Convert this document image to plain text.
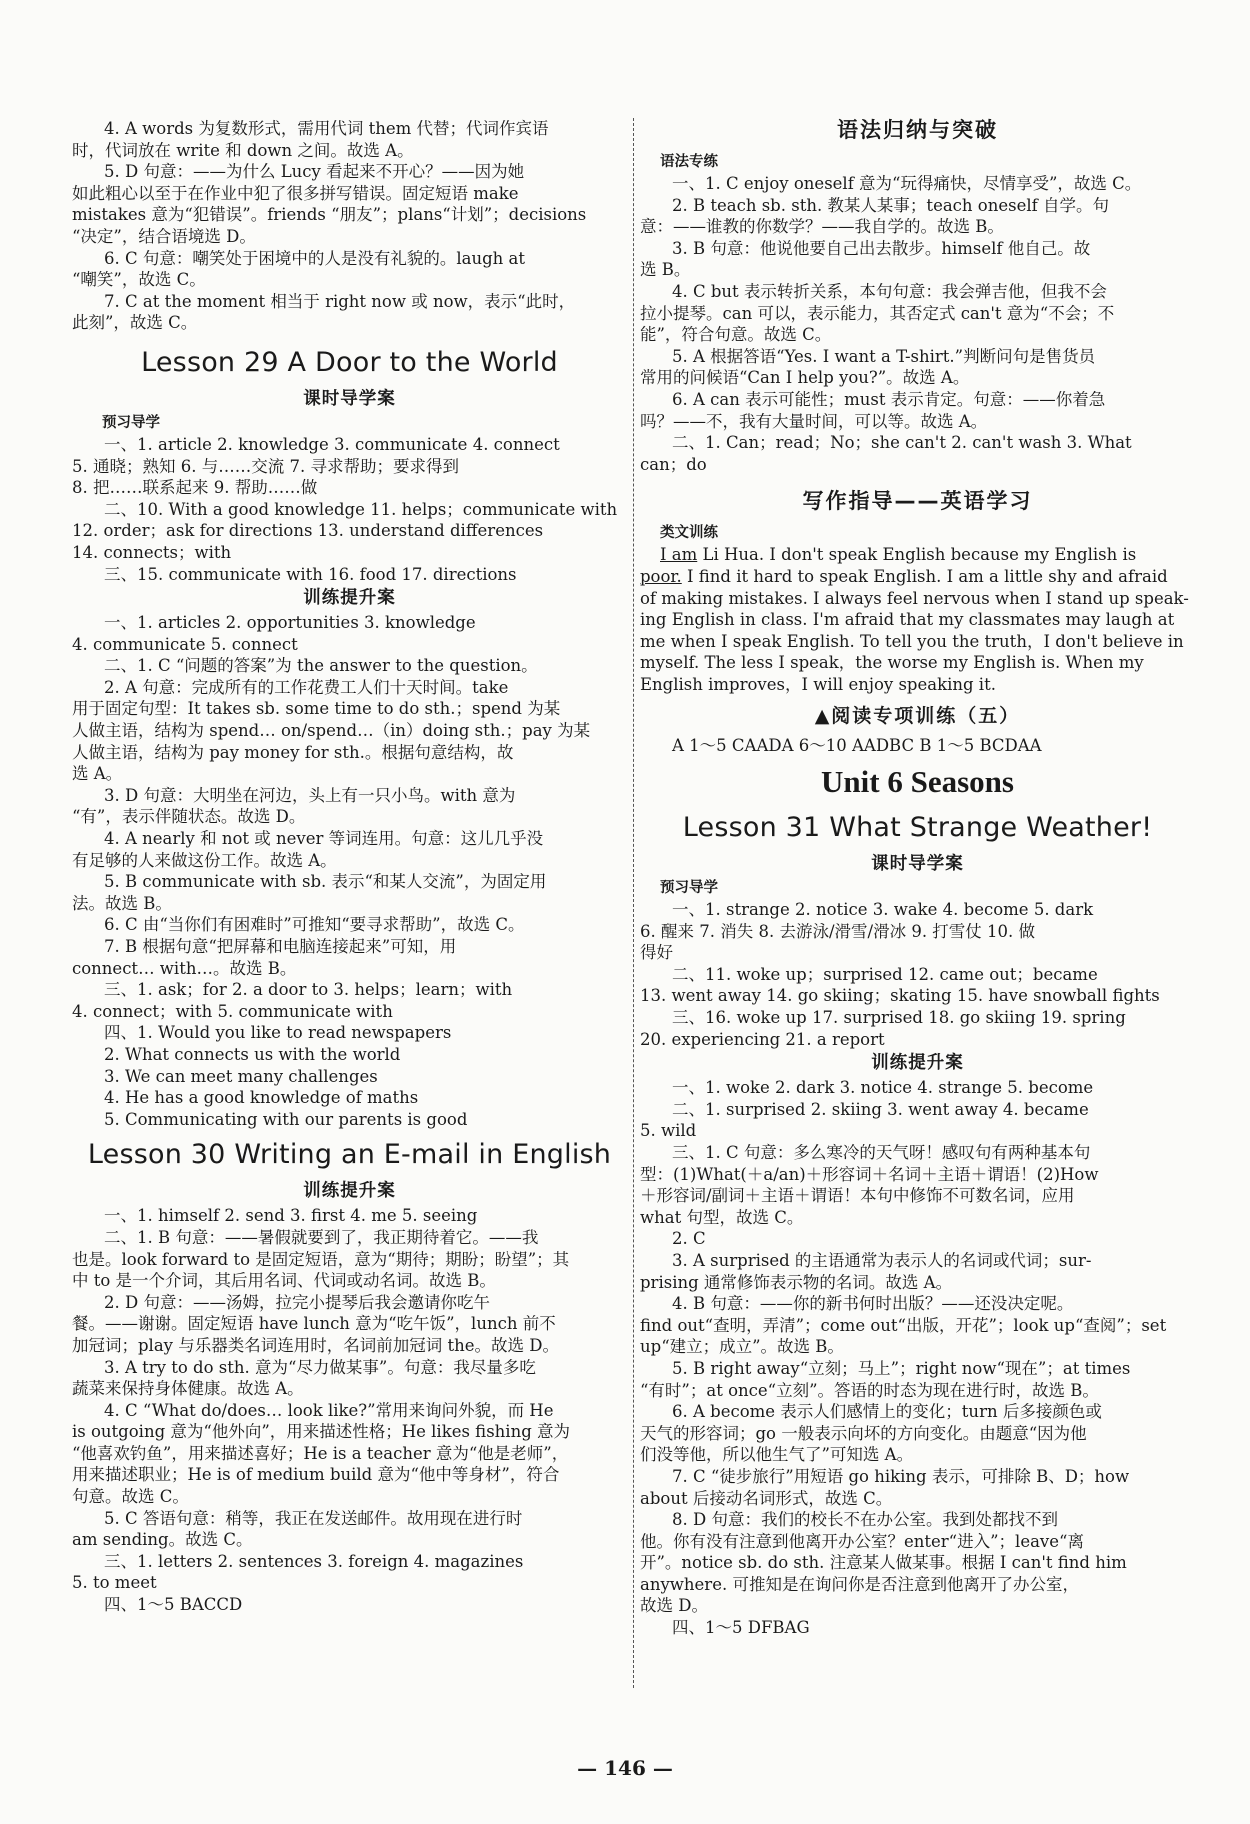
4. A words 为复数形式，需用代词 them 代替；代词作宾语
时，代词放在 write 和 down 之间。故选 A。
5. D 句意：——为什么 Lucy 看起来不开心？——因为她
如此粗心以至于在作业中犯了很多拼写错误。固定短语 make
mistakes 意为“犯错误”。friends “朋友”；plans“计划”；decisions
“决定”，结合语境选 D。
6. C 句意：嘲笑处于困境中的人是没有礼貌的。laugh at
“嘲笑”，故选 C。
7. C at the moment 相当于 right now 或 now，表示“此时，
此刻”，故选 C。
Lesson 29 A Door to the World
课时导学案
预习导学
一、1. article 2. knowledge 3. communicate 4. connect
5. 通晓；熟知 6. 与……交流 7. 寻求帮助；要求得到
8. 把……联系起来 9. 帮助……做
二、10. With a good knowledge 11. helps；communicate with
12. order；ask for directions 13. understand differences
14. connects；with
三、15. communicate with 16. food 17. directions
训练提升案
一、1. articles 2. opportunities 3. knowledge
4. communicate 5. connect
二、1. C “问题的答案”为 the answer to the question。
2. A 句意：完成所有的工作花费工人们十天时间。take
用于固定句型：It takes sb. some time to do sth.；spend 为某
人做主语，结构为 spend… on/spend…（in）doing sth.；pay 为某
人做主语，结构为 pay money for sth.。根据句意结构，故
选 A。
3. D 句意：大明坐在河边，头上有一只小鸟。with 意为
“有”，表示伴随状态。故选 D。
4. A nearly 和 not 或 never 等词连用。句意：这儿几乎没
有足够的人来做这份工作。故选 A。
5. B communicate with sb. 表示“和某人交流”，为固定用
法。故选 B。
6. C 由“当你们有困难时”可推知“要寻求帮助”，故选 C。
7. B 根据句意“把屏幕和电脑连接起来”可知，用
connect… with…。故选 B。
三、1. ask；for 2. a door to 3. helps；learn；with
4. connect；with 5. communicate with
四、1. Would you like to read newspapers
2. What connects us with the world
3. We can meet many challenges
4. He has a good knowledge of maths
5. Communicating with our parents is good
Lesson 30 Writing an E-mail in English
训练提升案
一、1. himself 2. send 3. first 4. me 5. seeing
二、1. B 句意：——暑假就要到了，我正期待着它。——我
也是。look forward to 是固定短语，意为“期待；期盼；盼望”；其
中 to 是一个介词，其后用名词、代词或动名词。故选 B。
2. D 句意：——汤姆，拉完小提琴后我会邀请你吃午
餐。——谢谢。固定短语 have lunch 意为“吃午饭”，lunch 前不
加冠词；play 与乐器类名词连用时，名词前加冠词 the。故选 D。
3. A try to do sth. 意为“尽力做某事”。句意：我尽量多吃
蔬菜来保持身体健康。故选 A。
4. C “What do/does… look like?”常用来询问外貌，而 He
is outgoing 意为“他外向”，用来描述性格；He likes fishing 意为
“他喜欢钓鱼”，用来描述喜好；He is a teacher 意为“他是老师”，
用来描述职业；He is of medium build 意为“他中等身材”，符合
句意。故选 C。
5. C 答语句意：稍等，我正在发送邮件。故用现在进行时
am sending。故选 C。
三、1. letters 2. sentences 3. foreign 4. magazines
5. to meet
四、1～5 BACCD
语法归纳与突破
语法专练
一、1. C enjoy oneself 意为“玩得痛快，尽情享受”，故选 C。
2. B teach sb. sth. 教某人某事；teach oneself 自学。句
意：——谁教的你数学？——我自学的。故选 B。
3. B 句意：他说他要自己出去散步。himself 他自己。故
选 B。
4. C but 表示转折关系，本句句意：我会弹吉他，但我不会
拉小提琴。can 可以，表示能力，其否定式 can't 意为“不会；不
能”，符合句意。故选 C。
5. A 根据答语“Yes. I want a T-shirt.”判断问句是售货员
常用的问候语“Can I help you?”。故选 A。
6. A can 表示可能性；must 表示肯定。句意：——你着急
吗？——不，我有大量时间，可以等。故选 A。
二、1. Can；read；No；she can't 2. can't wash 3. What
can；do
写作指导——英语学习
类文训练
I am Li Hua. I don't speak English because my English is
poor. I find it hard to speak English. I am a little shy and afraid
of making mistakes. I always feel nervous when I stand up speak-
ing English in class. I'm afraid that my classmates may laugh at
me when I speak English. To tell you the truth，I don't believe in
myself. The less I speak，the worse my English is. When my
English improves，I will enjoy speaking it.
▲阅读专项训练（五）
A 1～5 CAADA 6～10 AADBC B 1～5 BCDAA
Unit 6 Seasons
Lesson 31 What Strange Weather!
课时导学案
预习导学
一、1. strange 2. notice 3. wake 4. become 5. dark
6. 醒来 7. 消失 8. 去游泳/滑雪/滑冰 9. 打雪仗 10. 做
得好
二、11. woke up；surprised 12. came out；became
13. went away 14. go skiing；skating 15. have snowball fights
三、16. woke up 17. surprised 18. go skiing 19. spring
20. experiencing 21. a report
训练提升案
一、1. woke 2. dark 3. notice 4. strange 5. become
二、1. surprised 2. skiing 3. went away 4. became
5. wild
三、1. C 句意：多么寒冷的天气呀！感叹句有两种基本句
型：(1)What(＋a/an)＋形容词＋名词＋主语＋谓语！(2)How
＋形容词/副词＋主语＋谓语！本句中修饰不可数名词，应用
what 句型，故选 C。
2. C
3. A surprised 的主语通常为表示人的名词或代词；sur-
prising 通常修饰表示物的名词。故选 A。
4. B 句意：——你的新书何时出版？——还没决定呢。
find out“查明，弄清”；come out“出版，开花”；look up“查阅”；set
up“建立；成立”。故选 B。
5. B right away“立刻；马上”；right now“现在”；at times
“有时”；at once“立刻”。答语的时态为现在进行时，故选 B。
6. A become 表示人们感情上的变化；turn 后多接颜色或
天气的形容词；go 一般表示向坏的方向变化。由题意“因为他
们没等他，所以他生气了”可知选 A。
7. C “徒步旅行”用短语 go hiking 表示，可排除 B、D；how
about 后接动名词形式，故选 C。
8. D 句意：我们的校长不在办公室。我到处都找不到
他。你有没有注意到他离开办公室？enter“进入”；leave“离
开”。notice sb. do sth. 注意某人做某事。根据 I can't find him
anywhere. 可推知是在询问你是否注意到他离开了办公室，
故选 D。
四、1～5 DFBAG
— 146 —
